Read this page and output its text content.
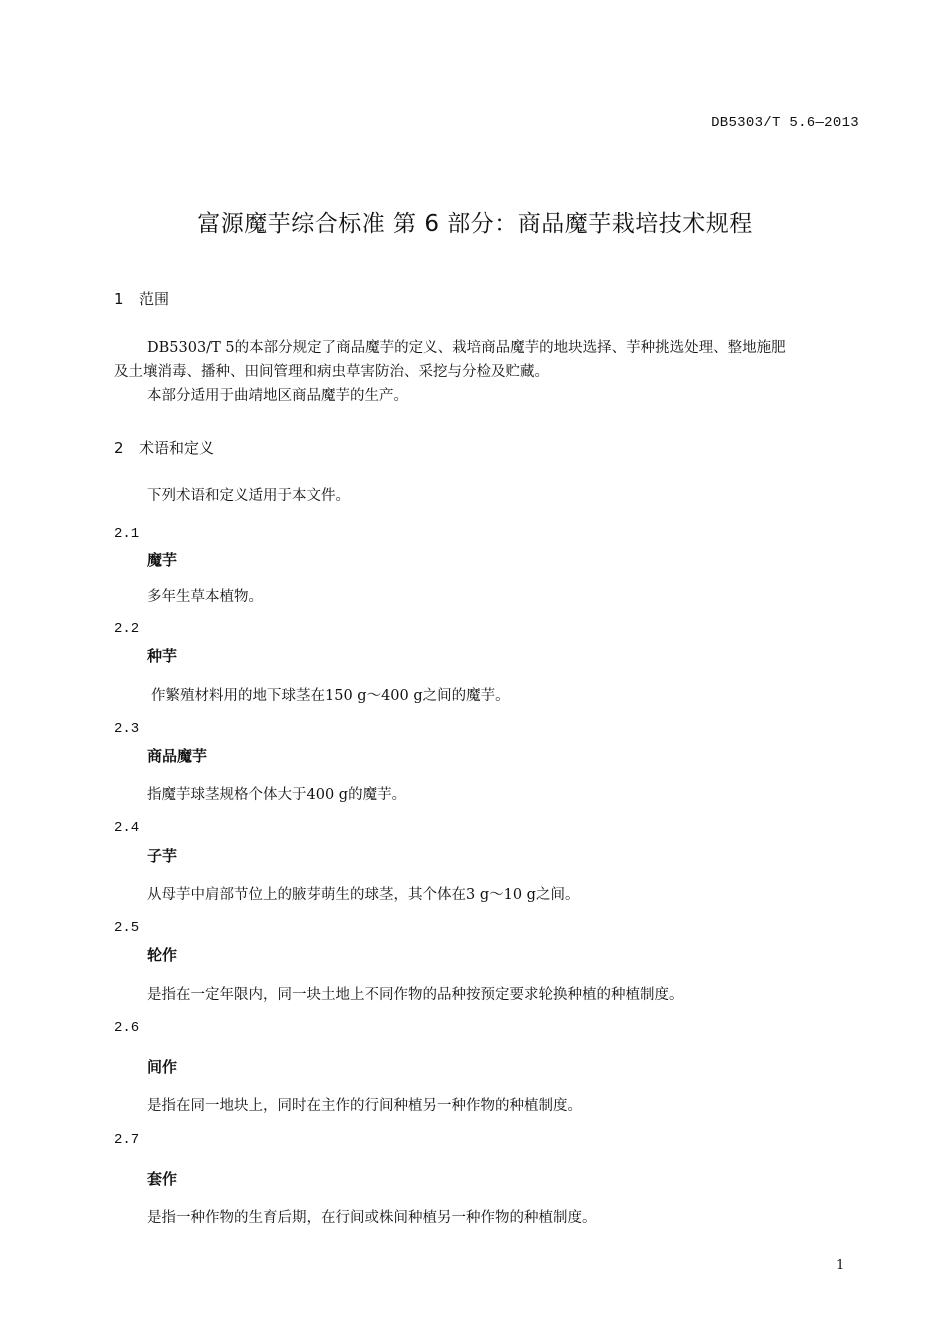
DB5303/T 5.6—2013
富源魔芋综合标准 第 6 部分：商品魔芋栽培技术规程
1 范围
DB5303/T 5的本部分规定了商品魔芋的定义、栽培商品魔芋的地块选择、芋种挑选处理、整地施肥
及土壤消毒、播种、田间管理和病虫草害防治、采挖与分检及贮藏。
本部分适用于曲靖地区商品魔芋的生产。
2 术语和定义
下列术语和定义适用于本文件。
2.1
魔芋
多年生草本植物。
2.2
种芋
作繁殖材料用的地下球茎在150 g～400 g之间的魔芋。
2.3
商品魔芋
指魔芋球茎规格个体大于400 g的魔芋。
2.4
子芋
从母芋中肩部节位上的腋芽萌生的球茎，其个体在3 g～10 g之间。
2.5
轮作
是指在一定年限内，同一块土地上不同作物的品种按预定要求轮换种植的种植制度。
2.6
间作
是指在同一地块上，同时在主作的行间种植另一种作物的种植制度。
2.7
套作
是指一种作物的生育后期，在行间或株间种植另一种作物的种植制度。
1
